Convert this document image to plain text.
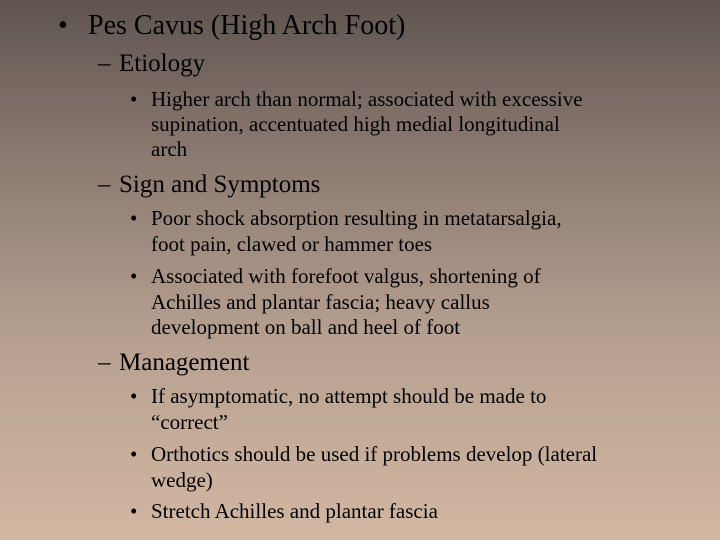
• Pes Cavus (High Arch Foot)
– Etiology
• Higher arch than normal; associated with excessive
supination, accentuated high medial longitudinal
arch
– Sign and Symptoms
• Poor shock absorption resulting in metatarsalgia,
foot pain, clawed or hammer toes
• Associated with forefoot valgus, shortening of
Achilles and plantar fascia; heavy callus
development on ball and heel of foot
– Management
• If asymptomatic, no attempt should be made to
“correct”
• Orthotics should be used if problems develop (lateral
wedge)
• Stretch Achilles and plantar fascia
